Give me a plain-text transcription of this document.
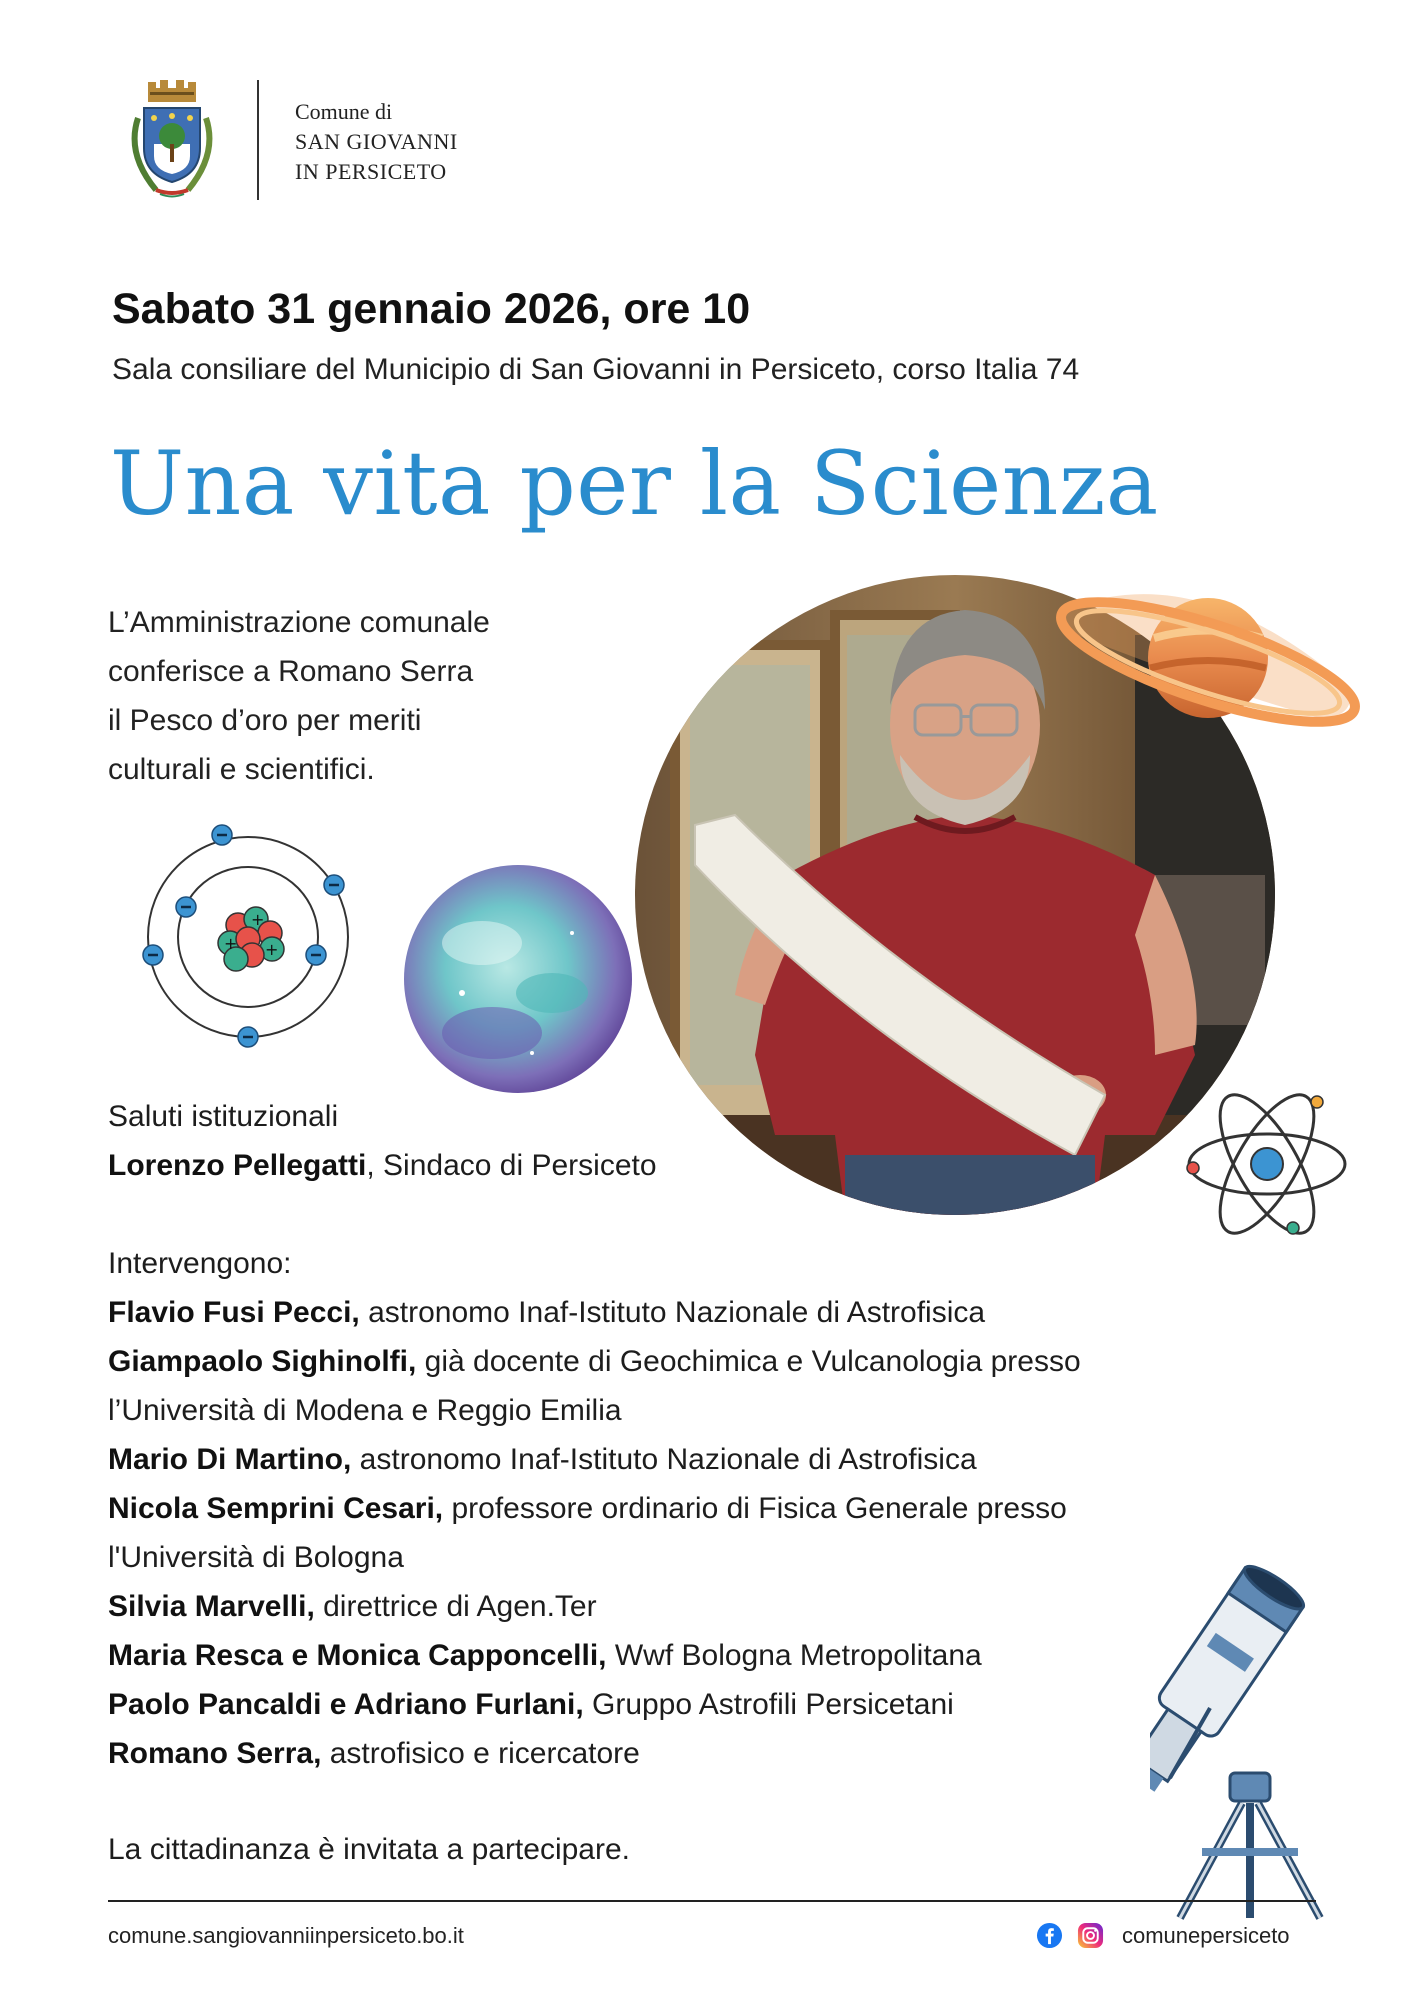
Comune di
SAN GIOVANNI
IN PERSICETO
Sabato 31 gennaio 2026, ore 10
Sala consiliare del Municipio di San Giovanni in Persiceto, corso Italia 74
Una vita per la Scienza
L’Amministrazione comunale
conferisce a Romano Serra
il Pesco d’oro per meriti
culturali e scientifici.
+
+
+
Saluti istituzionali
Lorenzo Pellegatti, Sindaco di Persiceto
Intervengono:
Flavio Fusi Pecci, astronomo Inaf-Istituto Nazionale di Astrofisica
Giampaolo Sighinolfi, già docente di Geochimica e Vulcanologia presso
l’Università di Modena e Reggio Emilia
Mario Di Martino, astronomo Inaf-Istituto Nazionale di Astrofisica
Nicola Semprini Cesari, professore ordinario di Fisica Generale presso
l'Università di Bologna
Silvia Marvelli, direttrice di Agen.Ter
Maria Resca e Monica Capponcelli, Wwf Bologna Metropolitana
Paolo Pancaldi e Adriano Furlani, Gruppo Astrofili Persicetani
Romano Serra, astrofisico e ricercatore
La cittadinanza è invitata a partecipare.
comune.sangiovanniinpersiceto.bo.it	comunepersiceto
